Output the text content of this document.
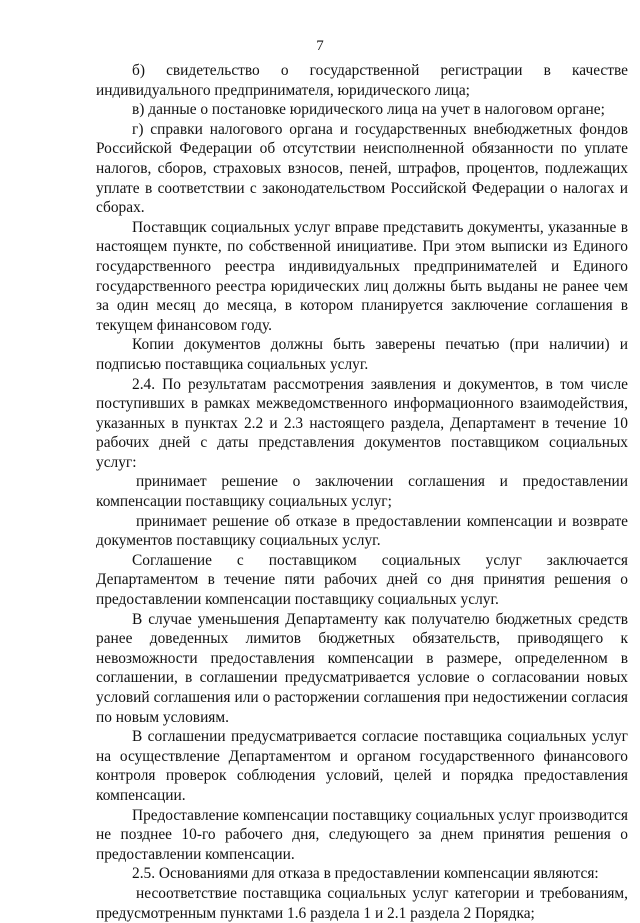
7

б) свидетельство о государственной регистрации в качестве индивидуального предпринимателя, юридического лица;

в) данные о постановке юридического лица на учет в налоговом органе;

г) справки налогового органа и государственных внебюджетных фондов Российской Федерации об отсутствии неисполненной обязанности по уплате налогов, сборов, страховых взносов, пеней, штрафов, процентов, подлежащих уплате в соответствии с законодательством Российской Федерации о налогах и сборах.

Поставщик социальных услуг вправе представить документы, указанные в настоящем пункте, по собственной инициативе. При этом выписки из Единого государственного реестра индивидуальных предпринимателей и Единого государственного реестра юридических лиц должны быть выданы не ранее чем за один месяц до месяца, в котором планируется заключение соглашения в текущем финансовом году.

Копии документов должны быть заверены печатью (при наличии) и подписью поставщика социальных услуг.

2.4. По результатам рассмотрения заявления и документов, в том числе поступивших в рамках межведомственного информационного взаимодействия, указанных в пунктах 2.2 и 2.3 настоящего раздела, Департамент в течение 10 рабочих дней с даты представления документов поставщиком социальных услуг:

принимает решение о заключении соглашения и предоставлении компенсации поставщику социальных услуг;

принимает решение об отказе в предоставлении компенсации и возврате документов поставщику социальных услуг.

Соглашение с поставщиком социальных услуг заключается Департаментом в течение пяти рабочих дней со дня принятия решения о предоставлении компенсации поставщику социальных услуг.

В случае уменьшения Департаменту как получателю бюджетных средств ранее доведенных лимитов бюджетных обязательств, приводящего к невозможности предоставления компенсации в размере, определенном в соглашении, в соглашении предусматривается условие о согласовании новых условий соглашения или о расторжении соглашения при недостижении согласия по новым условиям.

В соглашении предусматривается согласие поставщика социальных услуг на осуществление Департаментом и органом государственного финансового контроля проверок соблюдения условий, целей и порядка предоставления компенсации.

Предоставление компенсации поставщику социальных услуг производится не позднее 10-го рабочего дня, следующего за днем принятия решения о предоставлении компенсации.

2.5. Основаниями для отказа в предоставлении компенсации являются:

несоответствие поставщика социальных услуг категории и требованиям, предусмотренным пунктами 1.6 раздела 1 и 2.1 раздела 2 Порядка;
